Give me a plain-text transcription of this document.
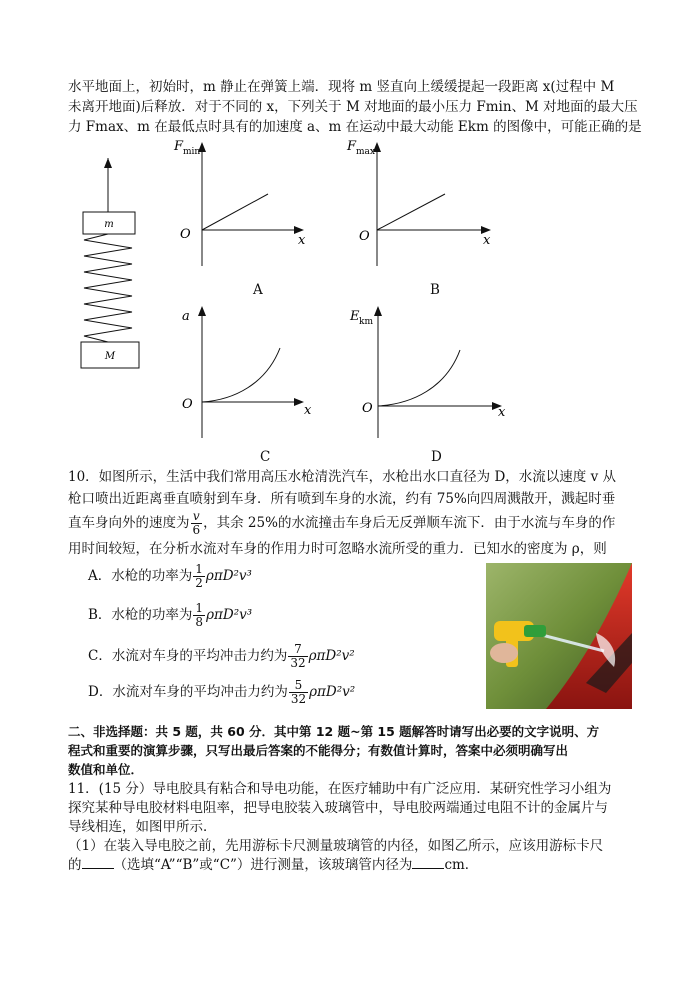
水平地面上，初始时，m 静止在弹簧上端．现将 m 竖直向上缓缓提起一段距离 x(过程中 M
未离开地面)后释放．对于不同的 x，下列关于 M 对地面的最小压力 Fmin、M 对地面的最大压
力 Fmax、m 在最低点时具有的加速度 a、m 在运动中最大动能 Ekm 的图像中，可能正确的是
m
M
F min
O	x
A
F max
O	x
B
a
O	x
C
E km
O	x
D
10．如图所示，生活中我们常用高压水枪清洗汽车，水枪出水口直径为 D，水流以速度 v 从
枪口喷出近距离垂直喷射到车身．所有喷到车身的水流，约有 75%向四周溅散开，溅起时垂
直车身向外的速度为 $\frac{v}{6}$ ，其余 25%的水流撞击车身后无反弹顺车流下．由于水流与车身的作
用时间较短，在分析水流对车身的作用力时可忽略水流所受的重力．已知水的密度为 ρ，则
A．水枪的功率为 $\frac{1}{2} \rho\pi D^2v^3$
B．水枪的功率为 $\frac{1}{8} \rho\pi D^2v^3$
C．水流对车身的平均冲击力约为 $\frac{7}{32} \rho\pi D^2v^2$
D．水流对车身的平均冲击力约为 $\frac{5}{32} \rho\pi D^2v^2$
二、非选择题：共 5 题，共 60 分．其中第 12 题~第 15 题解答时请写出必要的文字说明、方
程式和重要的演算步骤，只写出最后答案的不能得分；有数值计算时，答案中必须明确写出
数值和单位．
11．(15 分）导电胶具有粘合和导电功能，在医疗辅助中有广泛应用．某研究性学习小组为
探究某种导电胶材料电阻率，把导电胶装入玻璃管中，导电胶两端通过电阻不计的金属片与
导线相连，如图甲所示．
（1）在装入导电胶之前，先用游标卡尺测量玻璃管的内径，如图乙所示，应该用游标卡尺
的 （选填“A”“B”或“C”）进行测量，该玻璃管内径为 cm．
